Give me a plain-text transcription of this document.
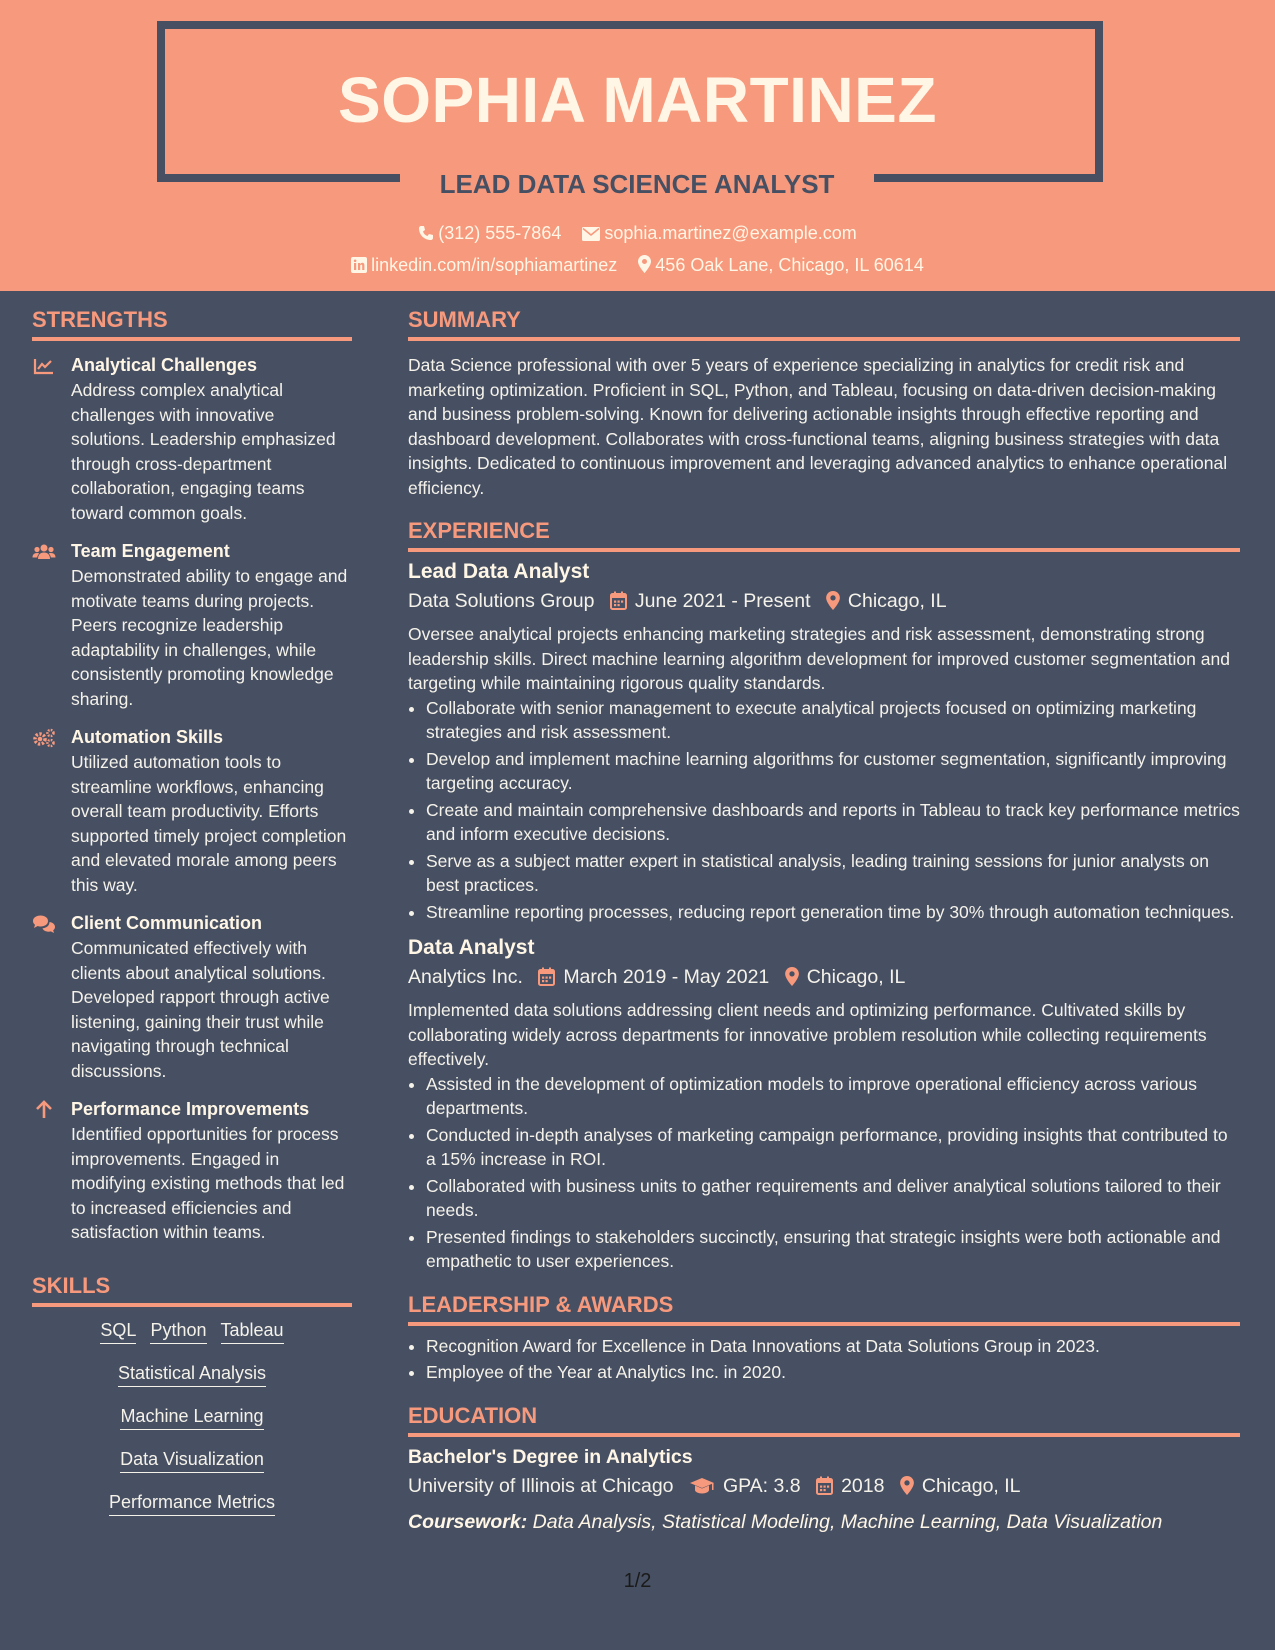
SOPHIA MARTINEZ
LEAD DATA SCIENCE ANALYST
(312) 555-7864 sophia.martinez@example.com
linkedin.com/in/sophiamartinez 456 Oak Lane, Chicago, IL 60614
STRENGTHS
Analytical Challenges
Address complex analytical challenges with innovative solutions. Leadership emphasized through cross-department collaboration, engaging teams toward common goals.
Team Engagement
Demonstrated ability to engage and motivate teams during projects. Peers recognize leadership adaptability in challenges, while consistently promoting knowledge sharing.
Automation Skills
Utilized automation tools to streamline workflows, enhancing overall team productivity. Efforts supported timely project completion and elevated morale among peers this way.
Client Communication
Communicated effectively with clients about analytical solutions. Developed rapport through active listening, gaining their trust while navigating through technical discussions.
Performance Improvements
Identified opportunities for process improvements. Engaged in modifying existing methods that led to increased efficiencies and satisfaction within teams.
SKILLS
SQL Python Tableau
Statistical Analysis
Machine Learning
Data Visualization
Performance Metrics
SUMMARY

Data Science professional with over 5 years of experience specializing in analytics for credit risk and marketing optimization. Proficient in SQL, Python, and Tableau, focusing on data-driven decision-making and business problem-solving. Known for delivering actionable insights through effective reporting and dashboard development. Collaborates with cross-functional teams, aligning business strategies with data insights. Dedicated to continuous improvement and leveraging advanced analytics to enhance operational efficiency.

EXPERIENCE
Lead Data Analyst
Data Solutions Group June 2021 - Present Chicago, IL

Oversee analytical projects enhancing marketing strategies and risk assessment, demonstrating strong leadership skills. Direct machine learning algorithm development for improved customer segmentation and targeting while maintaining rigorous quality standards.

• Collaborate with senior management to execute analytical projects focused on optimizing marketing strategies and risk assessment.
• Develop and implement machine learning algorithms for customer segmentation, significantly improving targeting accuracy.
• Create and maintain comprehensive dashboards and reports in Tableau to track key performance metrics and inform executive decisions.
• Serve as a subject matter expert in statistical analysis, leading training sessions for junior analysts on best practices.
• Streamline reporting processes, reducing report generation time by 30% through automation techniques.
Data Analyst
Analytics Inc. March 2019 - May 2021 Chicago, IL

Implemented data solutions addressing client needs and optimizing performance. Cultivated skills by collaborating widely across departments for innovative problem resolution while collecting requirements effectively.

• Assisted in the development of optimization models to improve operational efficiency across various departments.
• Conducted in-depth analyses of marketing campaign performance, providing insights that contributed to a 15% increase in ROI.
• Collaborated with business units to gather requirements and deliver analytical solutions tailored to their needs.
• Presented findings to stakeholders succinctly, ensuring that strategic insights were both actionable and empathetic to user experiences.
LEADERSHIP & AWARDS
• Recognition Award for Excellence in Data Innovations at Data Solutions Group in 2023.
• Employee of the Year at Analytics Inc. in 2020.
EDUCATION
Bachelor's Degree in Analytics
University of Illinois at Chicago	GPA: 3.8 2018 Chicago, IL
Coursework: Data Analysis, Statistical Modeling, Machine Learning, Data Visualization
1/2
